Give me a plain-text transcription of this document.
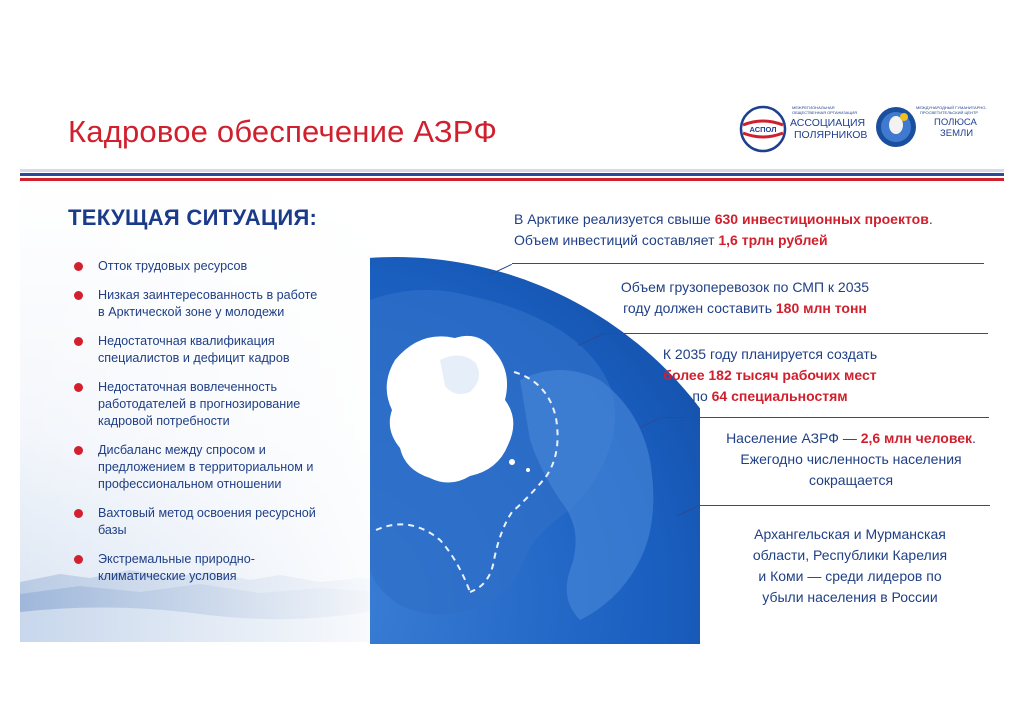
Кадровое обеспечение АЗРФ	АСПОЛ
МЕЖРЕГИОНАЛЬНАЯ
ОБЩЕСТВЕННАЯ ОРГАНИЗАЦИЯ
АССОЦИАЦИЯ
ПОЛЯРНИКОВ
МЕЖДУНАРОДНЫЙ ГУМАНИТАРНО-
ПРОСВЕТИТЕЛЬСКИЙ ЦЕНТР
ПОЛЮСА
ЗЕМЛИ
ТЕКУЩАЯ СИТУАЦИЯ:
Отток трудовых ресурсов
Низкая заинтересованность в работе
в Арктической зоне у молодежи
Недостаточная квалификация
специалистов и дефицит кадров
Недостаточная вовлеченность
работодателей в прогнозирование
кадровой потребности
Дисбаланс между спросом и
предложением в территориальном и
профессиональном отношении
Вахтовый метод освоения ресурсной
базы
Экстремальные природно-
климатические условия
В Арктике реализуется свыше 630 инвестиционных проектов.
Объем инвестиций составляет 1,6 трлн рублей
Объем грузоперевозок по СМП к 2035
году должен составить 180 млн тонн
К 2035 году планируется создать
более 182 тысяч рабочих мест
по 64 специальностям
Население АЗРФ — 2,6 млн человек.
Ежегодно численность населения
сокращается
Архангельская и Мурманская
области, Республики Карелия
и Коми — среди лидеров по
убыли населения в России
